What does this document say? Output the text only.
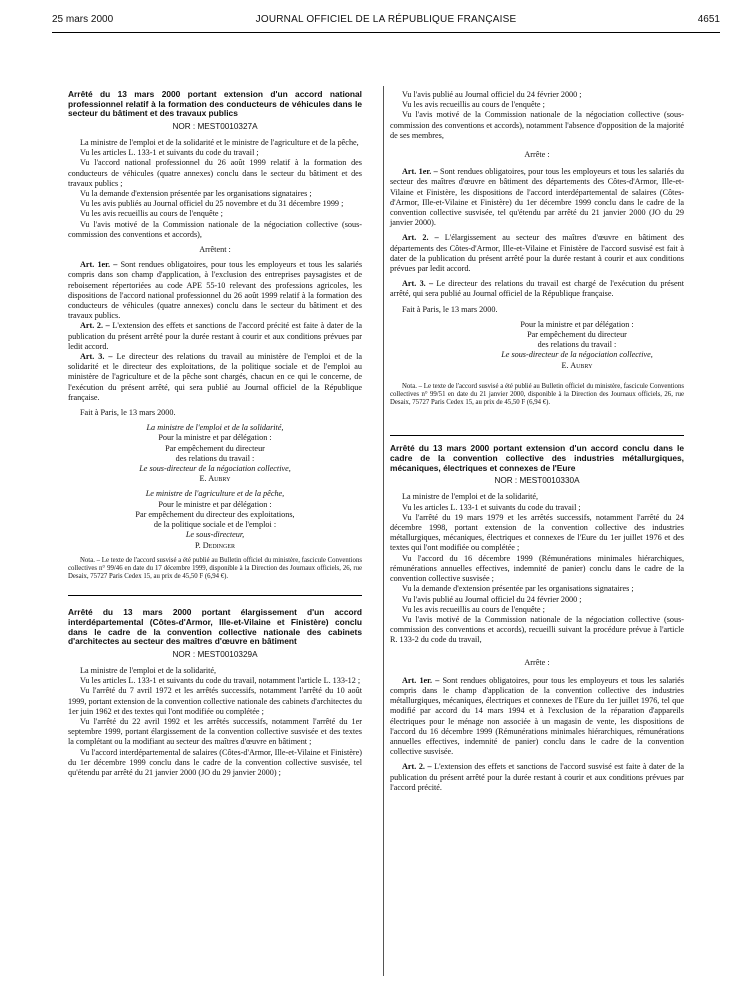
25 mars 2000	JOURNAL OFFICIEL DE LA RÉPUBLIQUE FRANÇAISE	4651
Arrêté du 13 mars 2000 portant extension d'un accord national professionnel relatif à la formation des conducteurs de véhicules dans le secteur du bâtiment et des travaux publics
NOR : MEST0010327A

La ministre de l'emploi et de la solidarité et le ministre de l'agriculture et de la pêche,

Vu les articles L. 133-1 et suivants du code du travail ;

Vu l'accord national professionnel du 26 août 1999 relatif à la formation des conducteurs de véhicules (quatre annexes) conclu dans le secteur du bâtiment et des travaux publics ;

Vu la demande d'extension présentée par les organisations signataires ;

Vu les avis publiés au Journal officiel du 25 novembre et du 31 décembre 1999 ;

Vu les avis recueillis au cours de l'enquête ;

Vu l'avis motivé de la Commission nationale de la négociation collective (sous-commission des conventions et accords),

Arrêtent :

Art. 1er. – Sont rendues obligatoires, pour tous les employeurs et tous les salariés compris dans son champ d'application, à l'exclusion des entreprises paysagistes et de reboisement répertoriées au code APE 55-10 relevant des professions agricoles, les dispositions de l'accord national professionnel du 26 août 1999 relatif à la formation des conducteurs de véhicules (quatre annexes) conclu dans le secteur du bâtiment et des travaux publics.

Art. 2. – L'extension des effets et sanctions de l'accord précité est faite à dater de la publication du présent arrêté pour la durée restant à courir et aux conditions prévues par ledit accord.

Art. 3. – Le directeur des relations du travail au ministère de l'emploi et de la solidarité et le directeur des exploitations, de la politique sociale et de l'emploi au ministère de l'agriculture et de la pêche sont chargés, chacun en ce qui le concerne, de l'exécution du présent arrêté, qui sera publié au Journal officiel de la République française.

Fait à Paris, le 13 mars 2000.

La ministre de l'emploi et de la solidarité,
Pour la ministre et par délégation :
Par empêchement du directeur
des relations du travail :
Le sous-directeur de la négociation collective,
E. Aubry
Le ministre de l'agriculture et de la pêche,
Pour le ministre et par délégation :
Par empêchement du directeur des exploitations,
de la politique sociale et de l'emploi :
Le sous-directeur,
P. Dedinger
Nota. – Le texte de l'accord susvisé a été publié au Bulletin officiel du ministère, fascicule Conventions collectives n° 99/46 en date du 17 décembre 1999, disponible à la Direction des Journaux officiels, 26, rue Desaix, 75727 Paris Cedex 15, au prix de 45,50 F (6,94 €).
Arrêté du 13 mars 2000 portant élargissement d'un accord interdépartemental (Côtes-d'Armor, Ille-et-Vilaine et Finistère) conclu dans le cadre de la convention collective nationale des cabinets d'architectes au secteur des maîtres d'œuvre en bâtiment
NOR : MEST0010329A

La ministre de l'emploi et de la solidarité,

Vu les articles L. 133-1 et suivants du code du travail, notamment l'article L. 133-12 ;

Vu l'arrêté du 7 avril 1972 et les arrêtés successifs, notamment l'arrêté du 10 août 1999, portant extension de la convention collective nationale des cabinets d'architectes du 1er juin 1962 et des textes qui l'ont modifiée ou complétée ;

Vu l'arrêté du 22 avril 1992 et les arrêtés successifs, notamment l'arrêté du 1er septembre 1999, portant élargissement de la convention collective susvisée et des textes la complétant ou la modifiant au secteur des maîtres d'œuvre en bâtiment ;

Vu l'accord interdépartemental de salaires (Côtes-d'Armor, Ille-et-Vilaine et Finistère) du 1er décembre 1999 conclu dans le cadre de la convention collective susvisée, tel qu'étendu par arrêté du 21 janvier 2000 (JO du 29 janvier 2000) ;

Vu l'avis publié au Journal officiel du 24 février 2000 ;

Vu les avis recueillis au cours de l'enquête ;

Vu l'avis motivé de la Commission nationale de la négociation collective (sous-commission des conventions et accords), notamment l'absence d'opposition de la majorité de ses membres,

Arrête :

Art. 1er. – Sont rendues obligatoires, pour tous les employeurs et tous les salariés du secteur des maîtres d'œuvre en bâtiment des départements des Côtes-d'Armor, Ille-et-Vilaine et Finistère, les dispositions de l'accord interdépartemental de salaires (Côtes-d'Armor, Ille-et-Vilaine et Finistère) du 1er décembre 1999 conclu dans le cadre de la convention collective susvisée, tel qu'étendu par arrêté du 21 janvier 2000 (JO du 29 janvier 2000).

Art. 2. – L'élargissement au secteur des maîtres d'œuvre en bâtiment des départements des Côtes-d'Armor, Ille-et-Vilaine et Finistère de l'accord susvisé est fait à dater de la publication du présent arrêté pour la durée restant à courir et aux conditions prévues par ledit accord.

Art. 3. – Le directeur des relations du travail est chargé de l'exécution du présent arrêté, qui sera publié au Journal officiel de la République française.

Fait à Paris, le 13 mars 2000.

Pour la ministre et par délégation :
Par empêchement du directeur
des relations du travail :
Le sous-directeur de la négociation collective,
E. Aubry
Nota. – Le texte de l'accord susvisé a été publié au Bulletin officiel du ministère, fascicule Conventions collectives n° 99/51 en date du 21 janvier 2000, disponible à la Direction des Journaux officiels, 26, rue Desaix, 75727 Paris Cedex 15, au prix de 45,50 F (6,94 €).
Arrêté du 13 mars 2000 portant extension d'un accord conclu dans le cadre de la convention collective des industries métallurgiques, mécaniques, électriques et connexes de l'Eure
NOR : MEST0010330A

La ministre de l'emploi et de la solidarité,

Vu les articles L. 133-1 et suivants du code du travail ;

Vu l'arrêté du 19 mars 1979 et les arrêtés successifs, notamment l'arrêté du 24 décembre 1998, portant extension de la convention collective des industries métallurgiques, mécaniques, électriques et connexes de l'Eure du 1er juillet 1976 et des textes qui l'ont modifiée ou complétée ;

Vu l'accord du 16 décembre 1999 (Rémunérations minimales hiérarchiques, rémunérations annuelles effectives, indemnité de panier) conclu dans le cadre de la convention collective susvisée ;

Vu la demande d'extension présentée par les organisations signataires ;

Vu l'avis publié au Journal officiel du 24 février 2000 ;

Vu les avis recueillis au cours de l'enquête ;

Vu l'avis motivé de la Commission nationale de la négociation collective (sous-commission des conventions et accords), recueilli suivant la procédure prévue à l'article R. 133-2 du code du travail,

Arrête :

Art. 1er. – Sont rendues obligatoires, pour tous les employeurs et tous les salariés compris dans le champ d'application de la convention collective des industries métallurgiques, mécaniques, électriques et connexes de l'Eure du 1er juillet 1976, tel que modifié par accord du 14 mars 1994 et à l'exclusion de la réparation d'appareils électriques pour le ménage non associée à un magasin de vente, les dispositions de l'accord du 16 décembre 1999 (Rémunérations minimales hiérarchiques, rémunérations annuelles effectives, indemnité de panier) conclu dans le cadre de la convention collective susvisée.

Art. 2. – L'extension des effets et sanctions de l'accord susvisé est faite à dater de la publication du présent arrêté pour la durée restant à courir et aux conditions prévues par l'accord précité.
